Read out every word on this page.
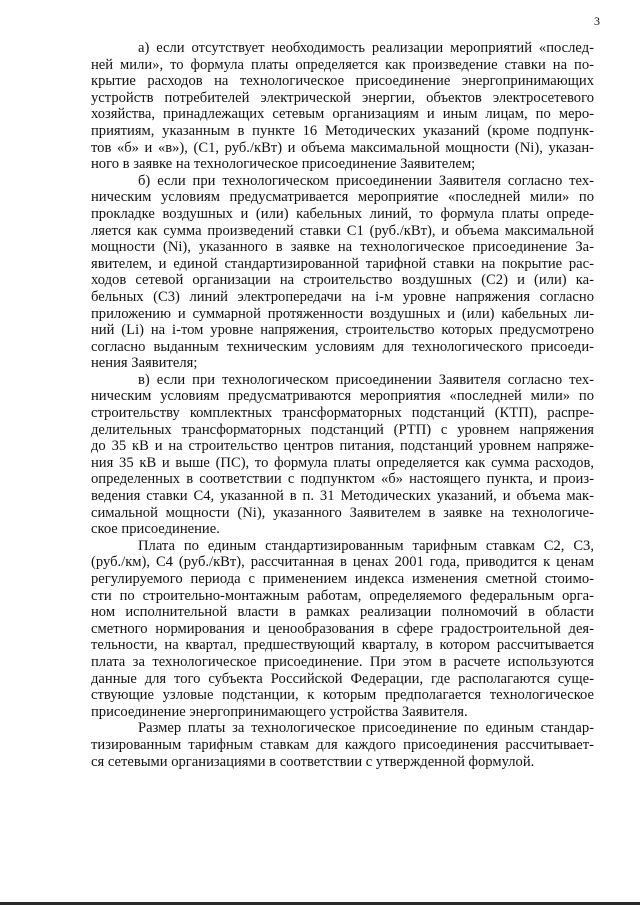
3

а) если отсутствует необходимость реализации мероприятий «послед-
ней мили», то формула платы определяется как произведение ставки на по-
крытие расходов на технологическое присоединение энергопринимающих
устройств потребителей электрической энергии, объектов электросетевого
хозяйства, принадлежащих сетевым организациям и иным лицам, по меро-
приятиям, указанным в пункте 16 Методических указаний (кроме подпунк-
тов «б» и «в»), (С1, руб./кВт) и объема максимальной мощности (Ni), указан-
ного в заявке на технологическое присоединение Заявителем;

б) если при технологическом присоединении Заявителя согласно тех-
ническим условиям предусматривается мероприятие «последней мили» по
прокладке воздушных и (или) кабельных линий, то формула платы опреде-
ляется как сумма произведений ставки С1 (руб./кВт), и объема максимальной
мощности (Ni), указанного в заявке на технологическое присоединение За-
явителем, и единой стандартизированной тарифной ставки на покрытие рас-
ходов сетевой организации на строительство воздушных (С2) и (или) ка-
бельных (С3) линий электропередачи на i-м уровне напряжения согласно
приложению и суммарной протяженности воздушных и (или) кабельных ли-
ний (Li) на i-том уровне напряжения, строительство которых предусмотрено
согласно выданным техническим условиям для технологического присоеди-
нения Заявителя;

в) если при технологическом присоединении Заявителя согласно тех-
ническим условиям предусматриваются мероприятия «последней мили» по
строительству комплектных трансформаторных подстанций (КТП), распре-
делительных трансформаторных подстанций (РТП) с уровнем напряжения
до 35 кВ и на строительство центров питания, подстанций уровнем напряже-
ния 35 кВ и выше (ПС), то формула платы определяется как сумма расходов,
определенных в соответствии с подпунктом «б» настоящего пункта, и произ-
ведения ставки С4, указанной в п. 31 Методических указаний, и объема мак-
симальной мощности (Ni), указанного Заявителем в заявке на технологиче-
ское присоединение.

Плата по единым стандартизированным тарифным ставкам С2, С3,
(руб./км), С4 (руб./кВт), рассчитанная в ценах 2001 года, приводится к ценам
регулируемого периода с применением индекса изменения сметной стоимо-
сти по строительно-монтажным работам, определяемого федеральным орга-
ном исполнительной власти в рамках реализации полномочий в области
сметного нормирования и ценообразования в сфере градостроительной дея-
тельности, на квартал, предшествующий кварталу, в котором рассчитывается
плата за технологическое присоединение. При этом в расчете используются
данные для того субъекта Российской Федерации, где располагаются суще-
ствующие узловые подстанции, к которым предполагается технологическое
присоединение энергопринимающего устройства Заявителя.

Размер платы за технологическое присоединение по единым стандар-
тизированным тарифным ставкам для каждого присоединения рассчитывает-
ся сетевыми организациями в соответствии с утвержденной формулой.
